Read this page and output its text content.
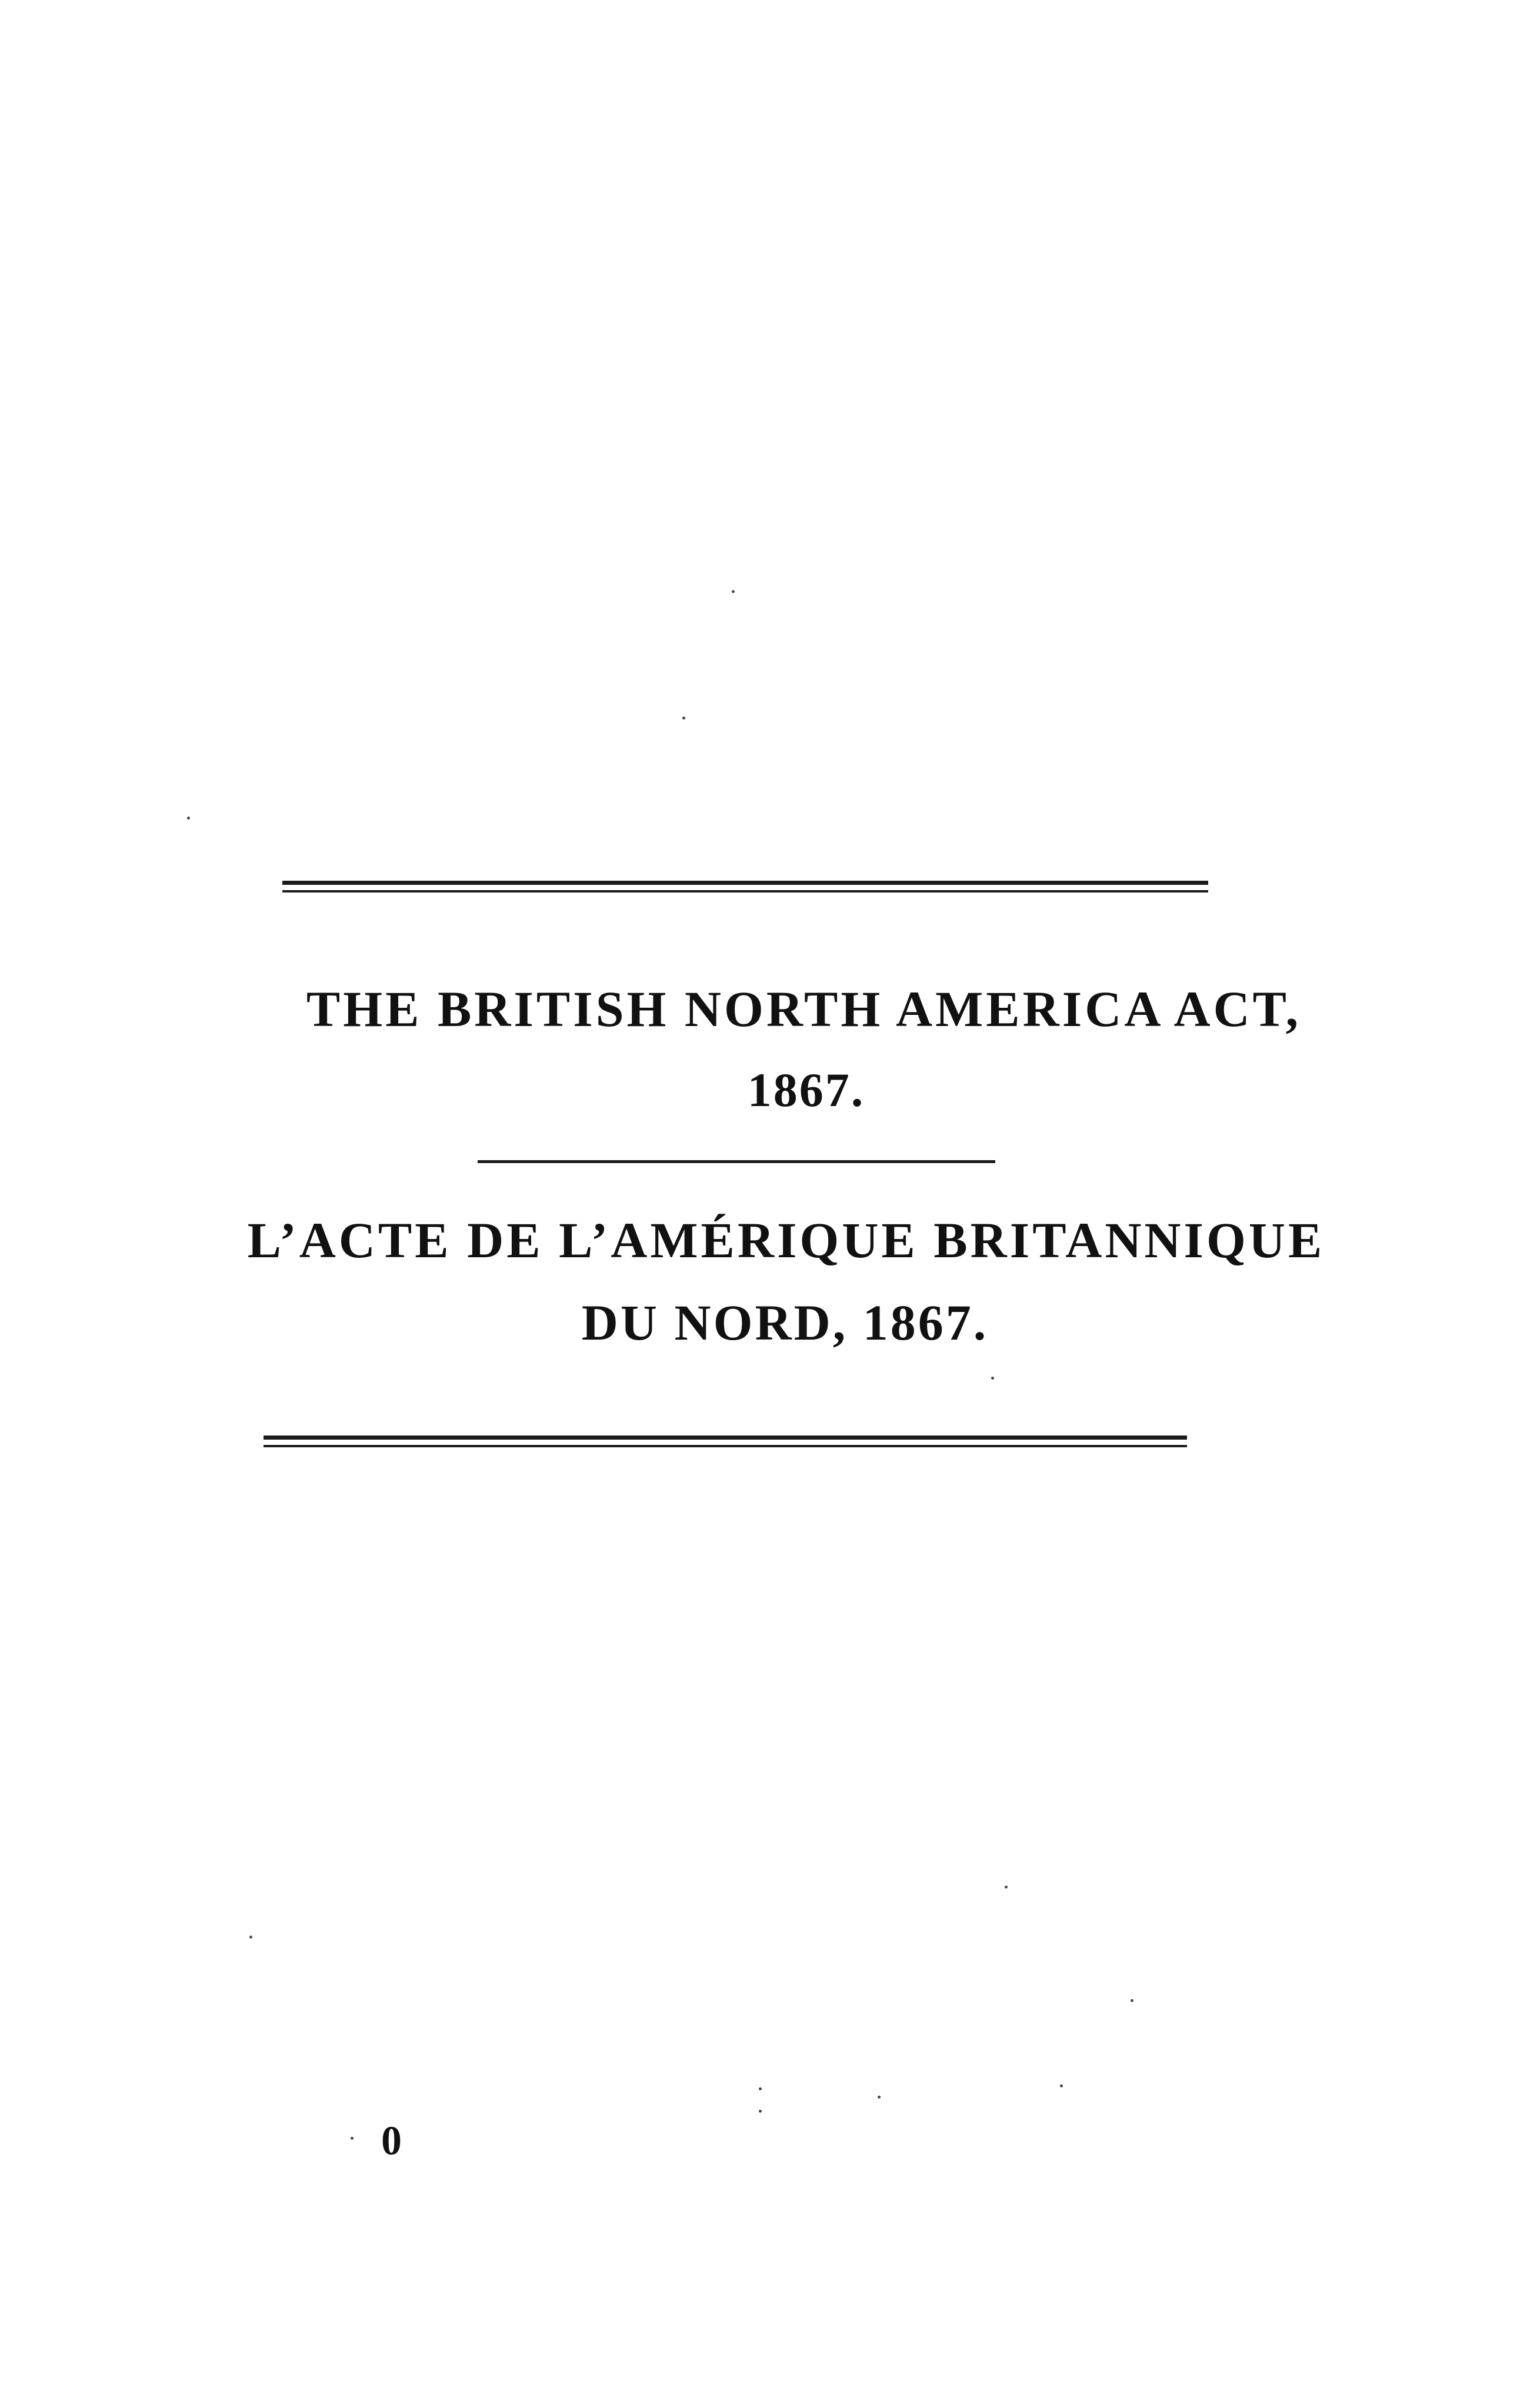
THE BRITISH NORTH AMERICA ACT,
1867.
L’ACTE DE L’AMÉRIQUE BRITANNIQUE
DU NORD, 1867.
0
